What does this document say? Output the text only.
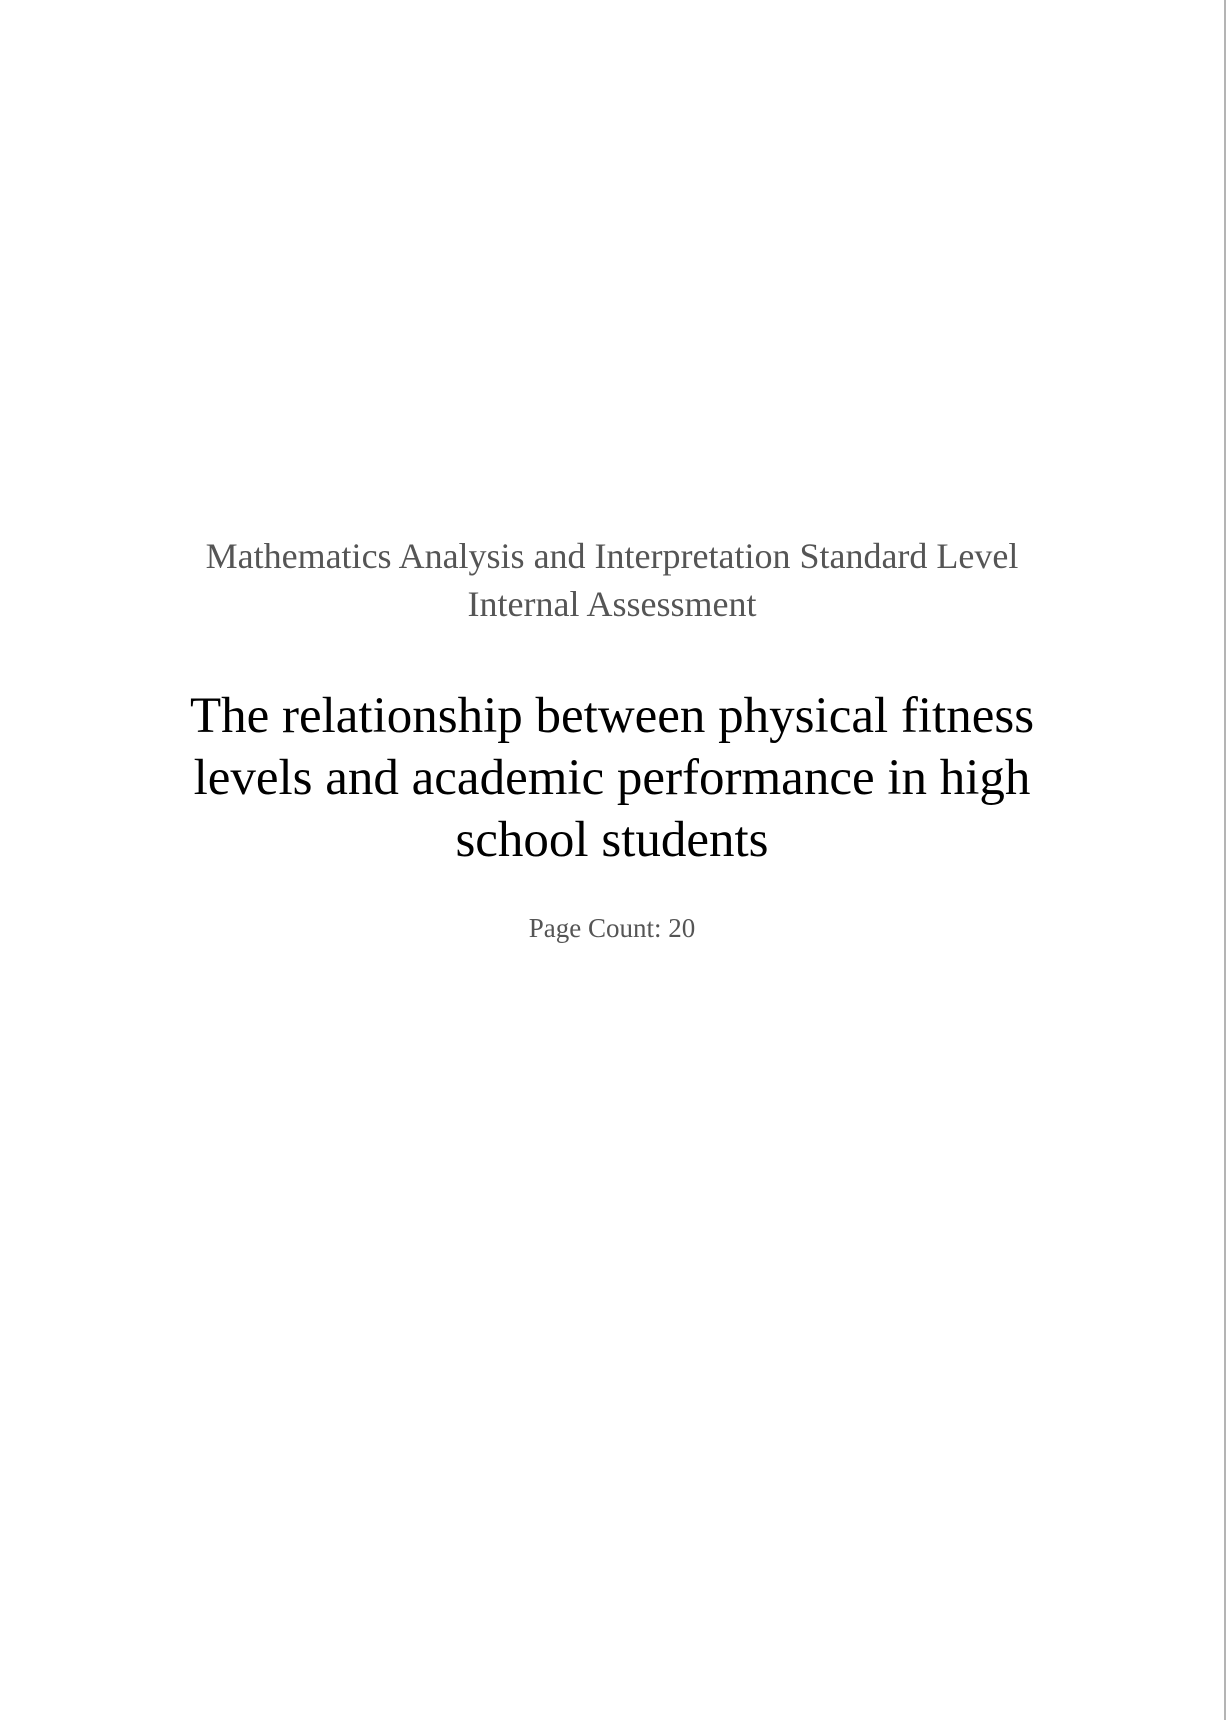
Mathematics Analysis and Interpretation Standard Level
Internal Assessment
The relationship between physical fitness
levels and academic performance in high
school students

Page Count: 20
